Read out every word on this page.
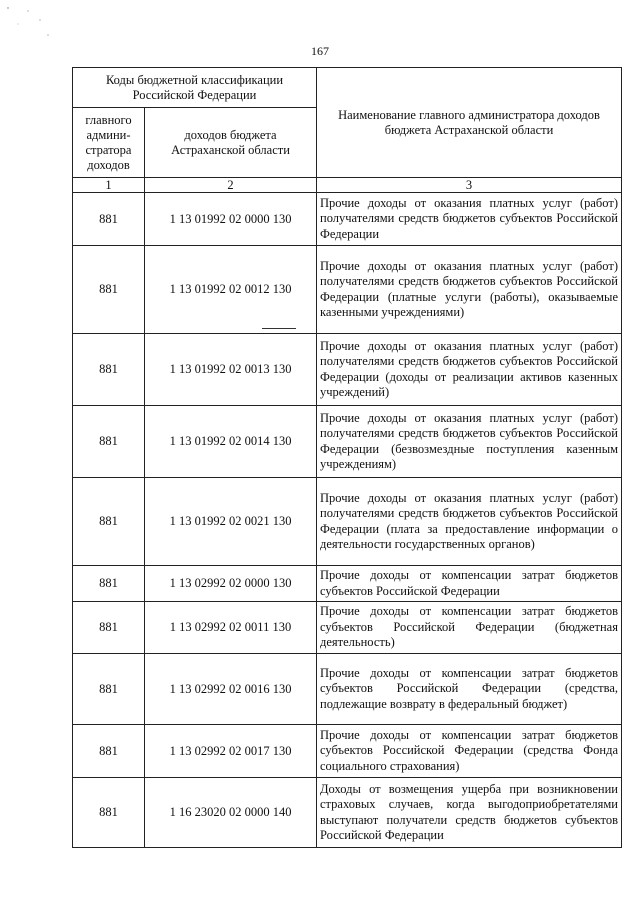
167
Коды бюджетной классификации Российской Федерации		Наименование главного администратора доходов бюджета Астраханской области
главного админи-стратора доходов	доходов бюджета Астраханской области	
1	2	3
881	1 13 01992 02 0000 130	Прочие доходы от оказания платных услуг (работ) получателями средств бюджетов субъектов Российской Федерации
881	1 13 01992 02 0012 130	Прочие доходы от оказания платных услуг (работ) получателями средств бюджетов субъектов Российской Федерации (платные услуги (работы), оказываемые казенными учреждениями)
881	1 13 01992 02 0013 130	Прочие доходы от оказания платных услуг (работ) получателями средств бюджетов субъектов Российской Федерации (доходы от реализации активов казенных учреждений)
881	1 13 01992 02 0014 130	Прочие доходы от оказания платных услуг (работ) получателями средств бюджетов субъектов Российской Федерации (безвозмездные поступления казенным учреждениям)
881	1 13 01992 02 0021 130	Прочие доходы от оказания платных услуг (работ) получателями средств бюджетов субъектов Российской Федерации (плата за предоставление информации о деятельности государственных органов)
881	1 13 02992 02 0000 130	Прочие доходы от компенсации затрат бюджетов субъектов Российской Федерации
881	1 13 02992 02 0011 130	Прочие доходы от компенсации затрат бюджетов субъектов Российской Федерации (бюджетная деятельность)
881	1 13 02992 02 0016 130	Прочие доходы от компенсации затрат бюджетов субъектов Российской Федерации (средства, подлежащие возврату в федеральный бюджет)
881	1 13 02992 02 0017 130	Прочие доходы от компенсации затрат бюджетов субъектов Российской Федерации (средства Фонда социального страхования)
881	1 16 23020 02 0000 140	Доходы от возмещения ущерба при возникновении страховых случаев, когда выгодоприобретателями выступают получатели средств бюджетов субъектов Российской Федерации
